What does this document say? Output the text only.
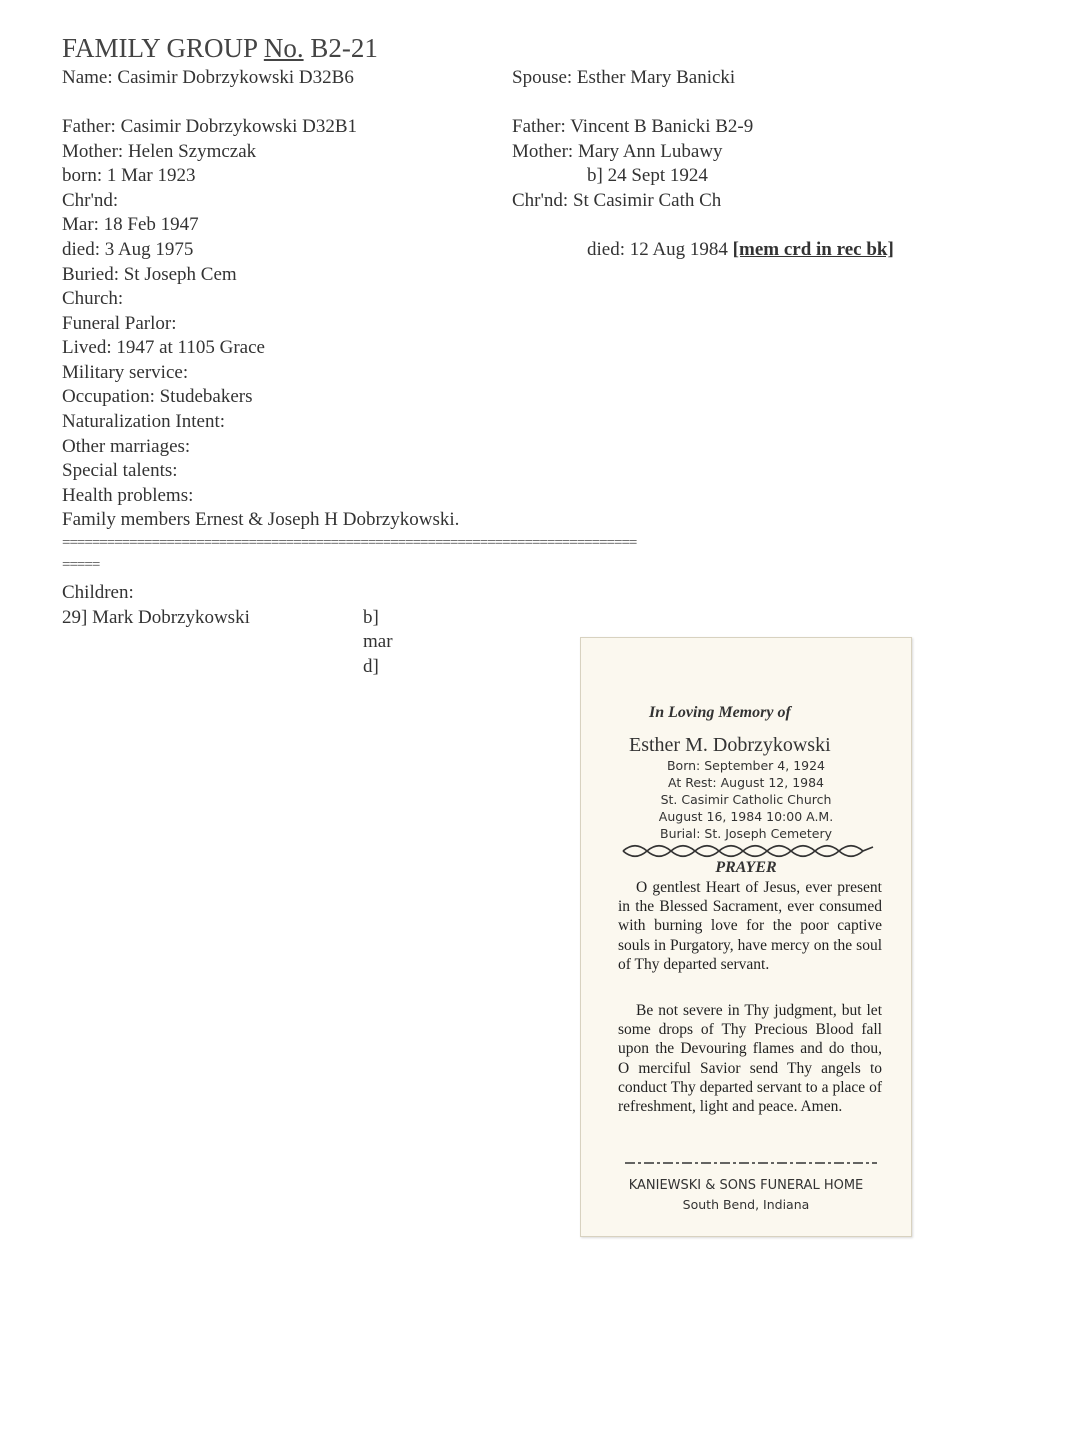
FAMILY GROUP No. B2-21
Name: Casimir Dobrzykowski D32B6
Father: Casimir Dobrzykowski D32B1
Mother: Helen Szymczak
born: 1 Mar 1923
Chr'nd:
Mar: 18 Feb 1947
died: 3 Aug 1975
Buried: St Joseph Cem
Church:
Funeral Parlor:
Lived: 1947 at 1105 Grace
Military service:
Occupation: Studebakers
Naturalization Intent:
Other marriages:
Special talents:
Health problems:
Family members Ernest & Joseph H Dobrzykowski.
Spouse: Esther Mary Banicki
Father: Vincent B Banicki B2-9
Mother: Mary Ann Lubawy
b] 24 Sept 1924
Chr'nd: St Casimir Cath Ch
died: 12 Aug 1984 [mem crd in rec bk]
=============================================================================
=====
Children:
29] Mark Dobrzykowski	b]
mar
d]
In Loving Memory of
Esther M. Dobrzykowski
Born: September 4, 1924
At Rest: August 12, 1984
St. Casimir Catholic Church
August 16, 1984 10:00 A.M.
Burial: St. Joseph Cemetery
PRAYER
O gentlest Heart of Jesus, ever present in the Blessed Sacrament, ever consumed with burning love for the poor captive souls in Purgatory, have mercy on the soul of Thy departed servant.
Be not severe in Thy judgment, but let some drops of Thy Precious Blood fall upon the Devouring flames and do thou, O merciful Savior send Thy angels to conduct Thy departed servant to a place of refreshment, light and peace. Amen.
KANIEWSKI & SONS FUNERAL HOME
South Bend, Indiana
